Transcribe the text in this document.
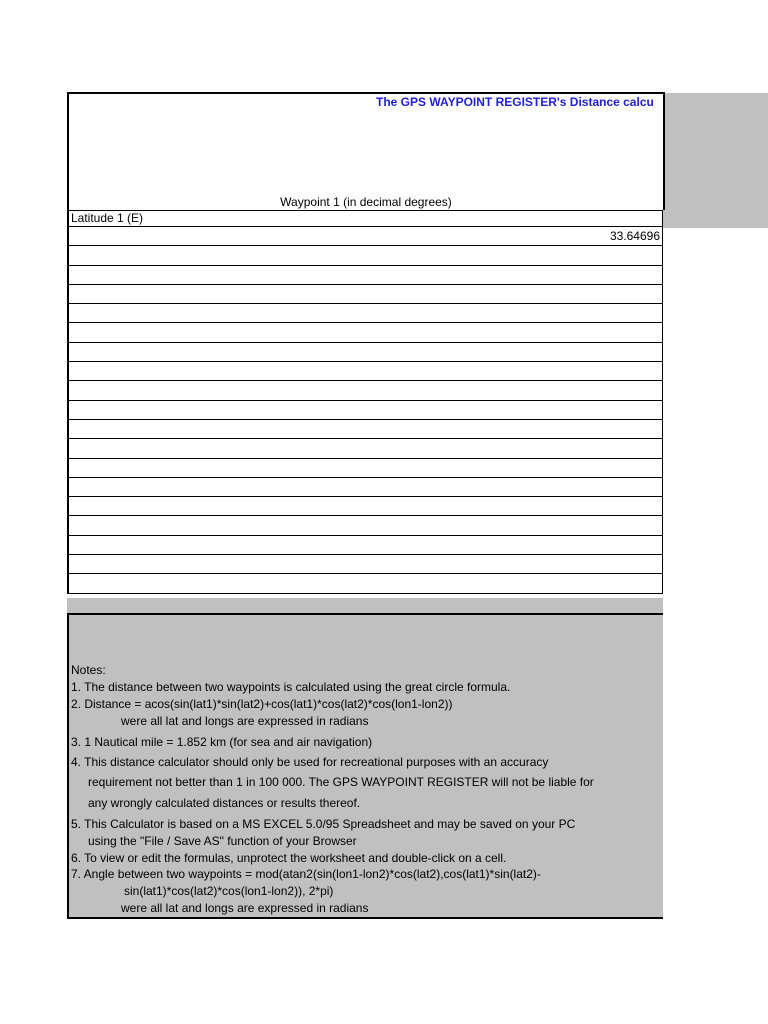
The GPS WAYPOINT REGISTER's Distance calcu
Waypoint 1 (in decimal degrees)
Latitude 1 (E)
33.64696
Notes:
1. The distance between two waypoints is calculated using the great circle formula.
2. Distance = acos(sin(lat1)*sin(lat2)+cos(lat1)*cos(lat2)*cos(lon1-lon2))
were all lat and longs are expressed in radians
3. 1 Nautical mile = 1.852 km (for sea and air navigation)
4. This distance calculator should only be used for recreational purposes with an accuracy
requirement not better than 1 in 100 000. The GPS WAYPOINT REGISTER will not be liable for
any wrongly calculated distances or results thereof.
5. This Calculator is based on a MS EXCEL 5.0/95 Spreadsheet and may be saved on your PC
using the "File / Save AS" function of your Browser
6. To view or edit the formulas, unprotect the worksheet and double-click on a cell.
7. Angle between two waypoints = mod(atan2(sin(lon1-lon2)*cos(lat2),cos(lat1)*sin(lat2)-
sin(lat1)*cos(lat2)*cos(lon1-lon2)), 2*pi)
were all lat and longs are expressed in radians
